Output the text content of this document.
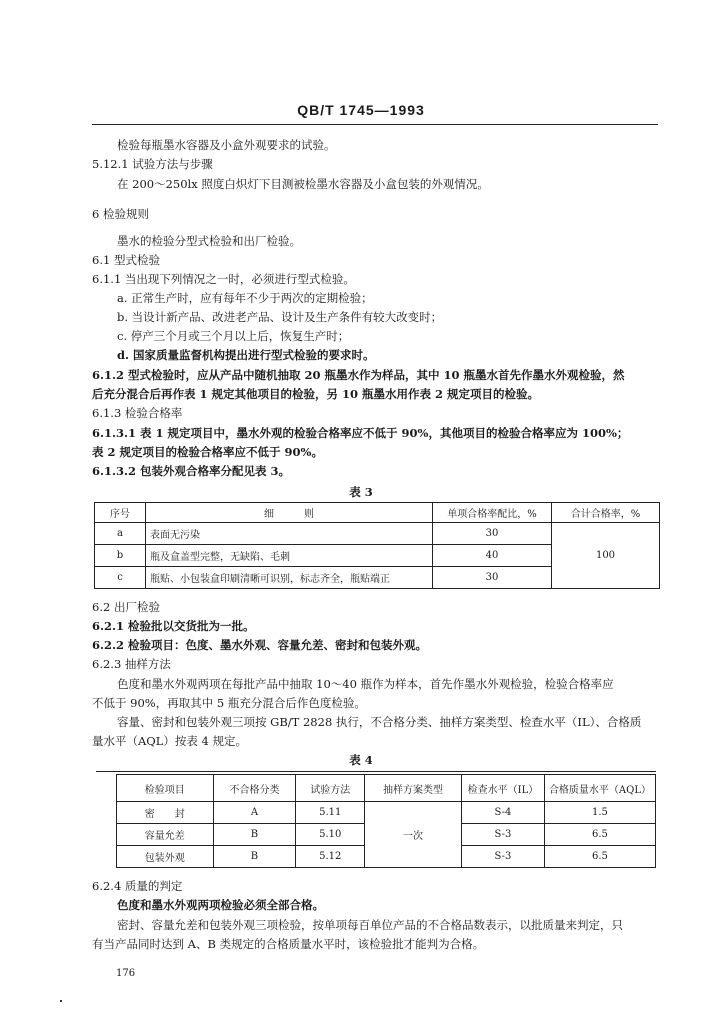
QB/T 1745—1993
检验每瓶墨水容器及小盒外观要求的试验。
5.12.1 试验方法与步骤
在 200～250lx 照度白炽灯下目测被检墨水容器及小盒包装的外观情况。
6 检验规则
墨水的检验分型式检验和出厂检验。
6.1 型式检验
6.1.1 当出现下列情况之一时，必须进行型式检验。
a. 正常生产时，应有每年不少于两次的定期检验；
b. 当设计新产品、改进老产品、设计及生产条件有较大改变时；
c. 停产三个月或三个月以上后，恢复生产时；
d. 国家质量监督机构提出进行型式检验的要求时。
6.1.2 型式检验时，应从产品中随机抽取 20 瓶墨水作为样品，其中 10 瓶墨水首先作墨水外观检验，然
后充分混合后再作表 1 规定其他项目的检验，另 10 瓶墨水用作表 2 规定项目的检验。
6.1.3 检验合格率
6.1.3.1 表 1 规定项目中，墨水外观的检验合格率应不低于 90%，其他项目的检验合格率应为 100%；
表 2 规定项目的检验合格率应不低于 90%。
6.1.3.2 包装外观合格率分配见表 3。
表 3
序号	细　　　则	单项合格率配比，%	合计合格率，%
a	表面无污染	30	100
b	瓶及盒盖型完整，无缺陷、毛刺	40	
c	瓶贴、小包装盒印刷清晰可识别，标志齐全，瓶贴端正	30	
6.2 出厂检验
6.2.1 检验批以交货批为一批。
6.2.2 检验项目：色度、墨水外观、容量允差、密封和包装外观。
6.2.3 抽样方法
色度和墨水外观两项在每批产品中抽取 10～40 瓶作为样本，首先作墨水外观检验，检验合格率应
不低于 90%，再取其中 5 瓶充分混合后作色度检验。
容量、密封和包装外观三项按 GB/T 2828 执行，不合格分类、抽样方案类型、检查水平（IL）、合格质
量水平（AQL）按表 4 规定。
表 4
检验项目	不合格分类	试验方法	抽样方案类型	检查水平（IL）	合格质量水平（AQL）
密　　封	A	5.11	一次	S-4	1.5
容量允差	B	5.10		S-3	6.5
包装外观	B	5.12		S-3	6.5
6.2.4 质量的判定
色度和墨水外观两项检验必须全部合格。
密封、容量允差和包装外观三项检验，按单项每百单位产品的不合格品数表示，以批质量来判定，只
有当产品同时达到 A、B 类规定的合格质量水平时，该检验批才能判为合格。
176
